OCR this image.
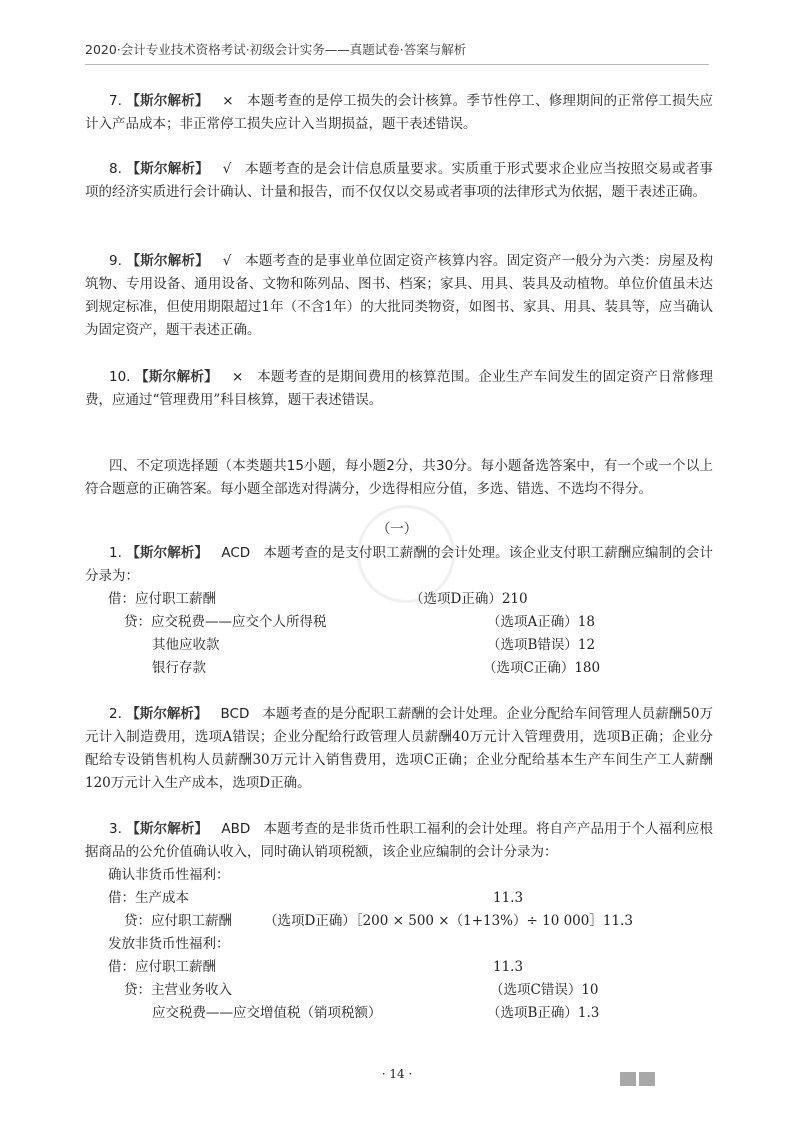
2020·会计专业技术资格考试·初级会计实务——真题试卷·答案与解析
7. 【斯尔解析】 × 本题考查的是停工损失的会计核算。季节性停工、修理期间的正常停工损失应计入产品成本；非正常停工损失应计入当期损益，题干表述错误。
8. 【斯尔解析】 √ 本题考查的是会计信息质量要求。实质重于形式要求企业应当按照交易或者事项的经济实质进行会计确认、计量和报告，而不仅仅以交易或者事项的法律形式为依据，题干表述正确。
9. 【斯尔解析】 √ 本题考查的是事业单位固定资产核算内容。固定资产一般分为六类：房屋及构筑物、专用设备、通用设备、文物和陈列品、图书、档案；家具、用具、装具及动植物。单位价值虽未达到规定标准，但使用期限超过1年（不含1年）的大批同类物资，如图书、家具、用具、装具等，应当确认为固定资产，题干表述正确。
10. 【斯尔解析】 × 本题考查的是期间费用的核算范围。企业生产车间发生的固定资产日常修理费，应通过“管理费用”科目核算，题干表述错误。
四、不定项选择题（本类题共15小题，每小题2分，共30分。每小题备选答案中，有一个或一个以上符合题意的正确答案。每小题全部选对得满分，少选得相应分值，多选、错选、不选均不得分。
（一）
1. 【斯尔解析】 ACD 本题考查的是支付职工薪酬的会计处理。该企业支付职工薪酬应编制的会计分录为：
借：应付职工薪酬	（选项D正确）210
贷：应交税费——应交个人所得税	（选项A正确）18
其他应收款	（选项B错误）12
银行存款	（选项C正确）180
2. 【斯尔解析】 BCD 本题考查的是分配职工薪酬的会计处理。企业分配给车间管理人员薪酬50万元计入制造费用，选项A错误；企业分配给行政管理人员薪酬40万元计入管理费用，选项B正确；企业分配给专设销售机构人员薪酬30万元计入销售费用，选项C正确；企业分配给基本生产车间生产工人薪酬120万元计入生产成本，选项D正确。
3. 【斯尔解析】 ABD 本题考查的是非货币性职工福利的会计处理。将自产产品用于个人福利应根据商品的公允价值确认收入，同时确认销项税额，该企业应编制的会计分录为：
确认非货币性福利：
借：生产成本	11.3
贷：应付职工薪酬 （选项D正确）［200 × 500 ×（1+13%）÷ 10 000］11.3
发放非货币性福利：
借：应付职工薪酬	11.3
贷：主营业务收入	（选项C错误）10
应交税费——应交增值税（销项税额）	（选项B正确）1.3
· 14 ·
